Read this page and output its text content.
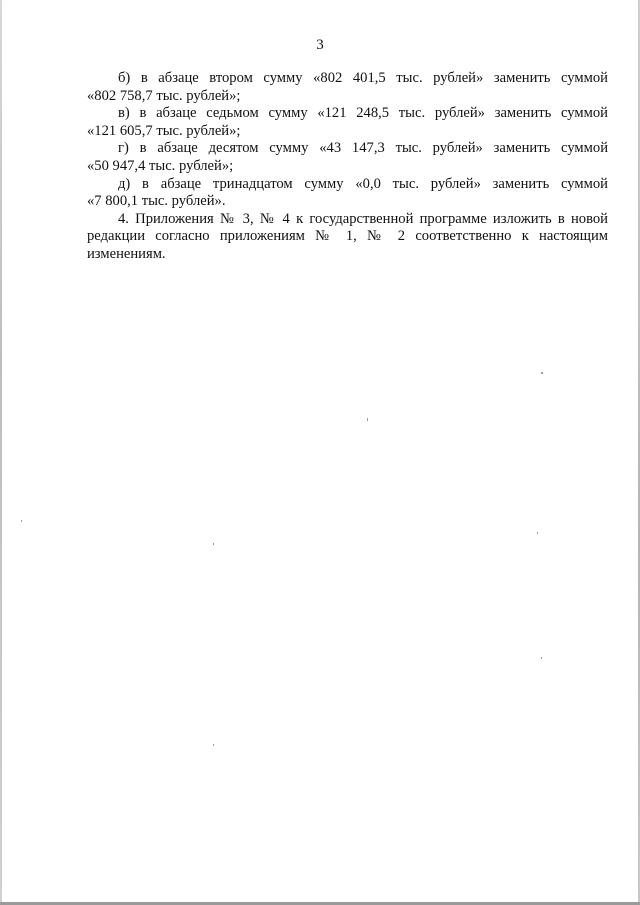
3

б) в абзаце втором сумму «802 401,5 тыс. рублей» заменить суммой
«802 758,7 тыс. рублей»;

в) в абзаце седьмом сумму «121 248,5 тыс. рублей» заменить суммой
«121 605,7 тыс. рублей»;

г) в абзаце десятом сумму «43 147,3 тыс. рублей» заменить суммой
«50 947,4 тыс. рублей»;

д) в абзаце тринадцатом сумму «0,0 тыс. рублей» заменить суммой
«7 800,1 тыс. рублей».

4. Приложения № 3, № 4 к государственной программе изложить в новой
редакции согласно приложениям № 1, № 2 соответственно к настоящим
изменениям.
